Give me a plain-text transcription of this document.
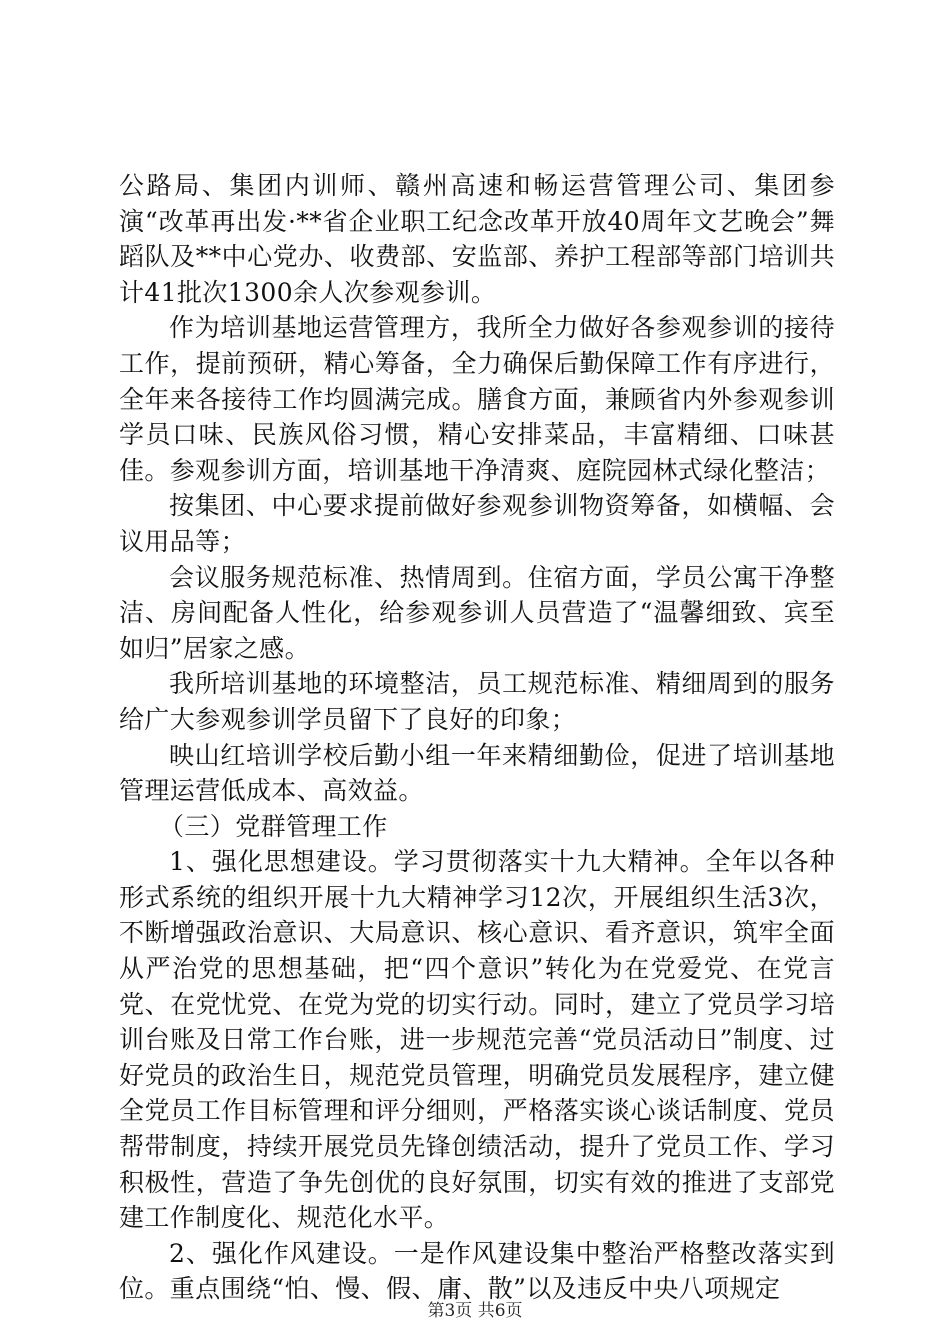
公路局、集团内训师、赣州高速和畅运营管理公司、集团参演“改革再出发·**省企业职工纪念改革开放40周年文艺晚会”舞蹈队及**中心党办、收费部、安监部、养护工程部等部门培训共计41批次1300余人次参观参训。

作为培训基地运营管理方，我所全力做好各参观参训的接待工作，提前预研，精心筹备，全力确保后勤保障工作有序进行，全年来各接待工作均圆满完成。膳食方面，兼顾省内外参观参训学员口味、民族风俗习惯，精心安排菜品，丰富精细、口味甚佳。参观参训方面，培训基地干净清爽、庭院园林式绿化整洁；

按集团、中心要求提前做好参观参训物资筹备，如横幅、会议用品等；

会议服务规范标准、热情周到。住宿方面，学员公寓干净整洁、房间配备人性化，给参观参训人员营造了“温馨细致、宾至如归”居家之感。

我所培训基地的环境整洁，员工规范标准、精细周到的服务给广大参观参训学员留下了良好的印象；

映山红培训学校后勤小组一年来精细勤俭，促进了培训基地管理运营低成本、高效益。

（三）党群管理工作

1、强化思想建设。学习贯彻落实十九大精神。全年以各种形式系统的组织开展十九大精神学习12次，开展组织生活3次，不断增强政治意识、大局意识、核心意识、看齐意识，筑牢全面从严治党的思想基础，把“四个意识”转化为在党爱党、在党言党、在党忧党、在党为党的切实行动。同时，建立了党员学习培训台账及日常工作台账，进一步规范完善“党员活动日”制度、过好党员的政治生日，规范党员管理，明确党员发展程序，建立健全党员工作目标管理和评分细则，严格落实谈心谈话制度、党员帮带制度，持续开展党员先锋创绩活动，提升了党员工作、学习积极性，营造了争先创优的良好氛围，切实有效的推进了支部党建工作制度化、规范化水平。

2、强化作风建设。一是作风建设集中整治严格整改落实到位。重点围绕“怕、慢、假、庸、散”以及违反中央八项规定

第3页 共6页
